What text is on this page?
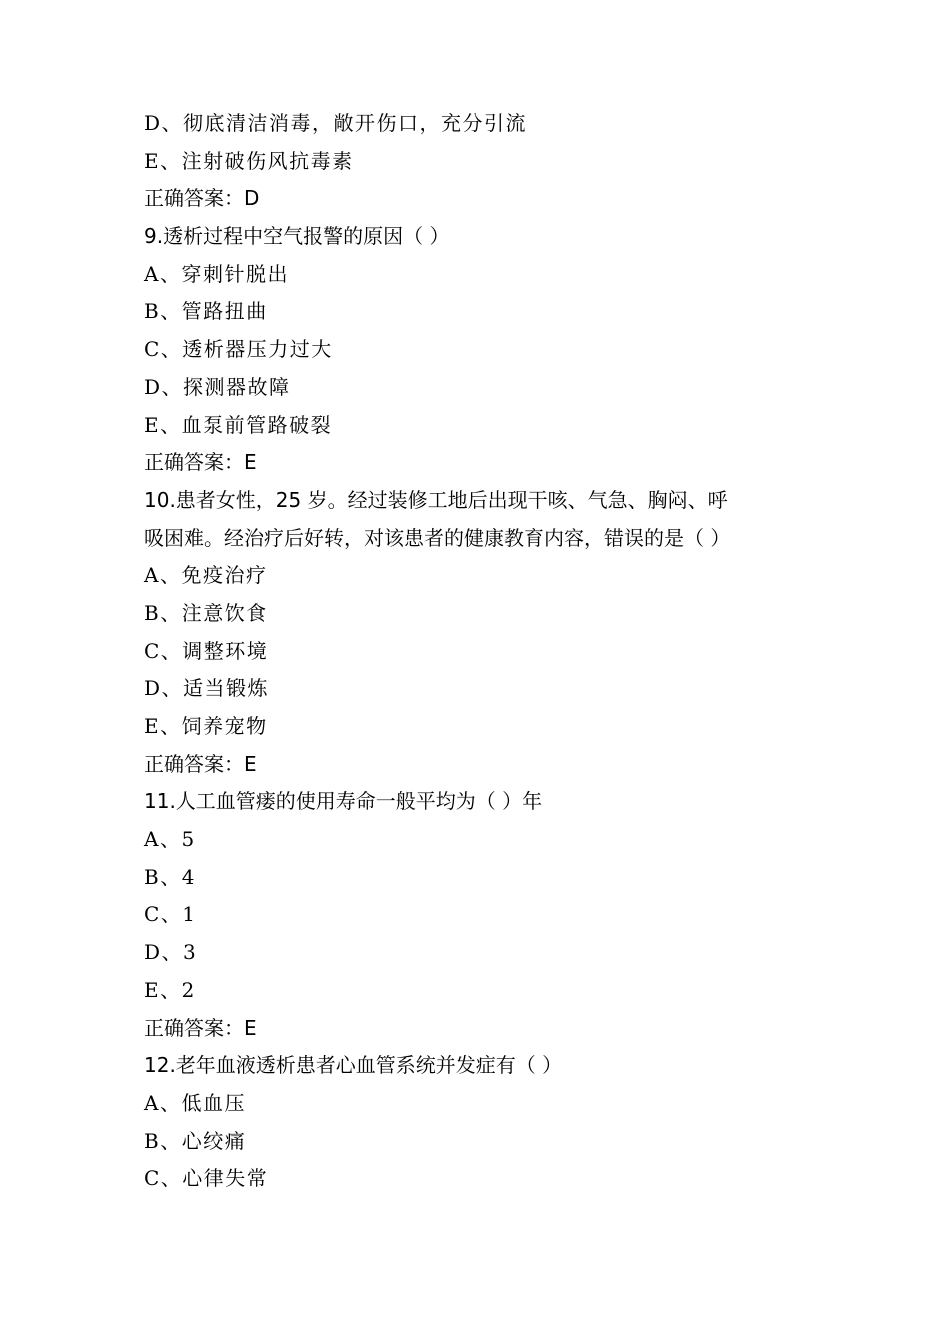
D、彻底清洁消毒，敞开伤口，充分引流
E、注射破伤风抗毒素
正确答案：D
9.透析过程中空气报警的原因（ ）
A、穿刺针脱出
B、管路扭曲
C、透析器压力过大
D、探测器故障
E、血泵前管路破裂
正确答案：E
10.患者女性，25 岁。经过装修工地后出现干咳、气急、胸闷、呼
吸困难。经治疗后好转，对该患者的健康教育内容，错误的是（ ）
A、免疫治疗
B、注意饮食
C、调整环境
D、适当锻炼
E、饲养宠物
正确答案：E
11.人工血管瘘的使用寿命一般平均为（ ）年
A、5
B、4
C、1
D、3
E、2
正确答案：E
12.老年血液透析患者心血管系统并发症有（ ）
A、低血压
B、心绞痛
C、心律失常
